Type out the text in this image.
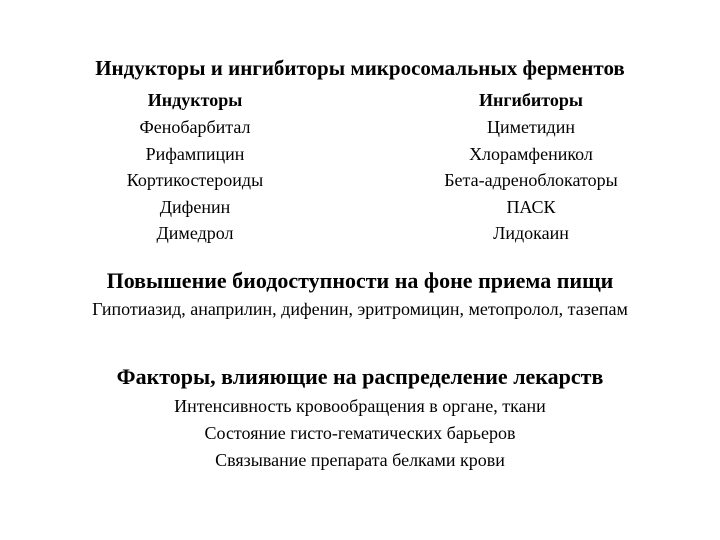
Индукторы и ингибиторы микросомальных ферментов
Индукторы
Фенобарбитал
Рифампицин
Кортикостероиды
Дифенин
Димедрол
Ингибиторы
Циметидин
Хлорамфеникол
Бета-адреноблокаторы
ПАСК
Лидокаин
Повышение биодоступности на фоне приема пищи
Гипотиазид, анаприлин, дифенин, эритромицин, метопролол, тазепам
Факторы, влияющие на распределение лекарств
Интенсивность кровообращения в органе, ткани
Состояние гисто-гематических барьеров
Связывание препарата белками крови
